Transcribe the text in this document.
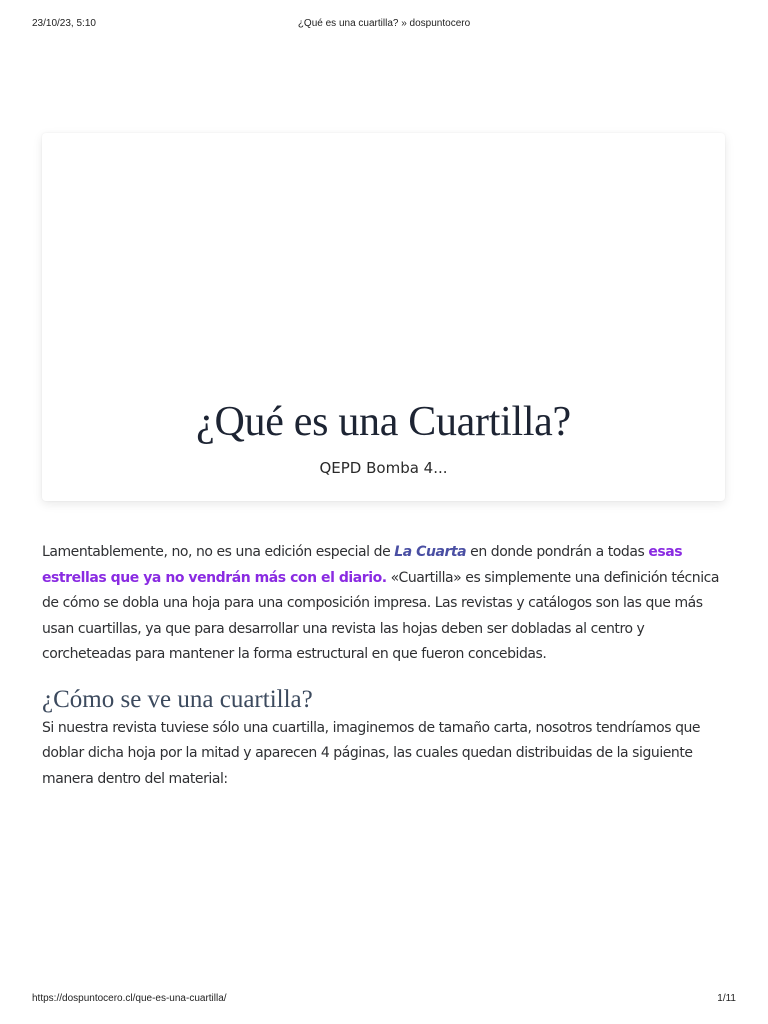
23/10/23, 5:10	¿Qué es una cuartilla? » dospuntocero
¿Qué es una Cuartilla?
QEPD Bomba 4...

Lamentablemente, no, no es una edición especial de La Cuarta en donde pondrán a todas esas estrellas que ya no vendrán más con el diario. «Cuartilla» es simplemente una definición técnica de cómo se dobla una hoja para una composición impresa. Las revistas y catálogos son las que más usan cuartillas, ya que para desarrollar una revista las hojas deben ser dobladas al centro y corcheteadas para mantener la forma estructural en que fueron concebidas.

¿Cómo se ve una cuartilla?

Si nuestra revista tuviese sólo una cuartilla, imaginemos de tamaño carta, nosotros tendríamos que doblar dicha hoja por la mitad y aparecen 4 páginas, las cuales quedan distribuidas de la siguiente manera dentro del material:

https://dospuntocero.cl/que-es-una-cuartilla/	1/11
